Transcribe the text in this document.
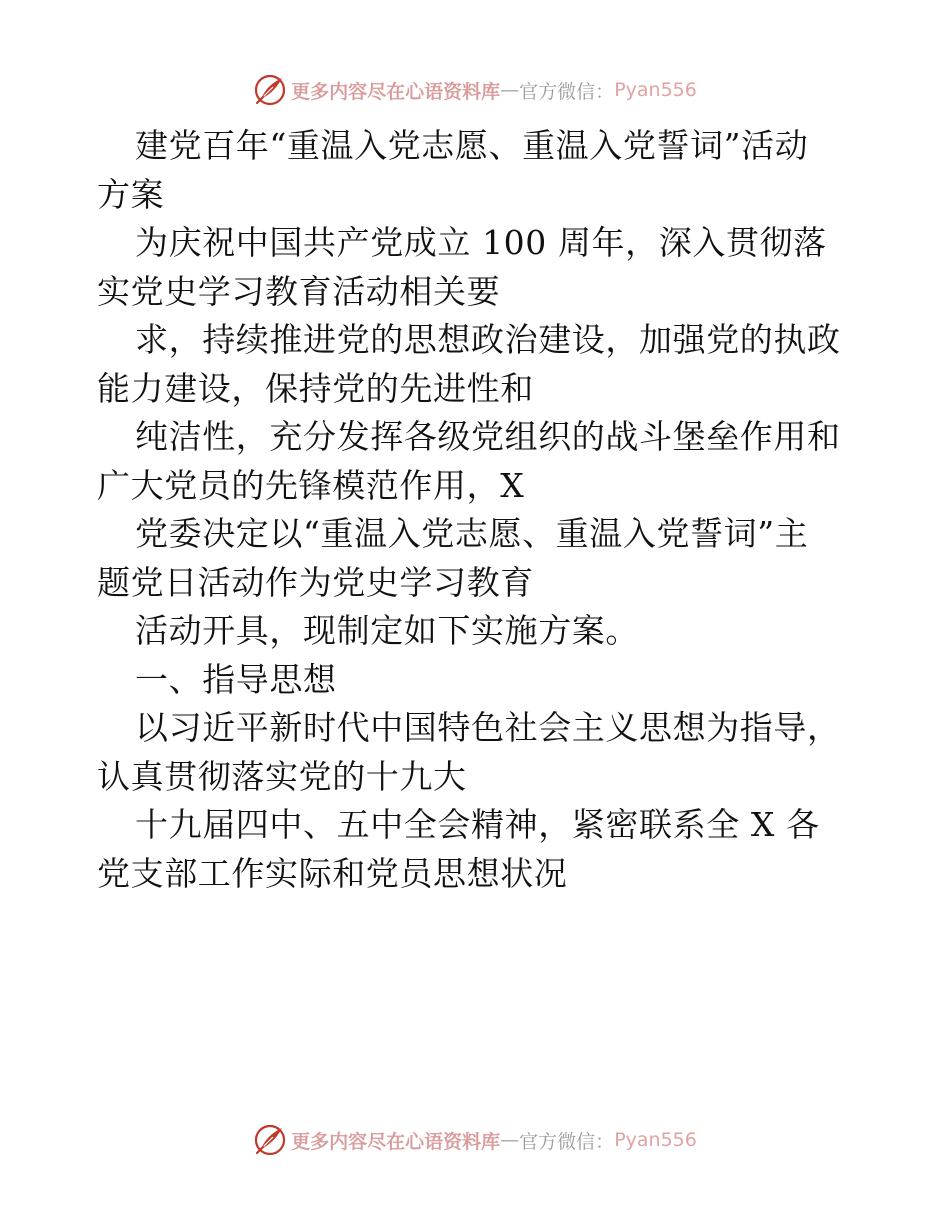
更多内容尽在心语资料库 — 官方微信： Pyan556
建党百年“重温入党志愿、重温入党誓词”活动
方案
为庆祝中国共产党成立 100 周年，深入贯彻落
实党史学习教育活动相关要
求，持续推进党的思想政治建设，加强党的执政
能力建设，保持党的先进性和
纯洁性，充分发挥各级党组织的战斗堡垒作用和
广大党员的先锋模范作用，X
党委决定以“重温入党志愿、重温入党誓词”主
题党日活动作为党史学习教育
活动开具，现制定如下实施方案。
一、指导思想
以习近平新时代中国特色社会主义思想为指导，
认真贯彻落实党的十九大
十九届四中、五中全会精神，紧密联系全 X 各
党支部工作实际和党员思想状况
更多内容尽在心语资料库 — 官方微信： Pyan556
